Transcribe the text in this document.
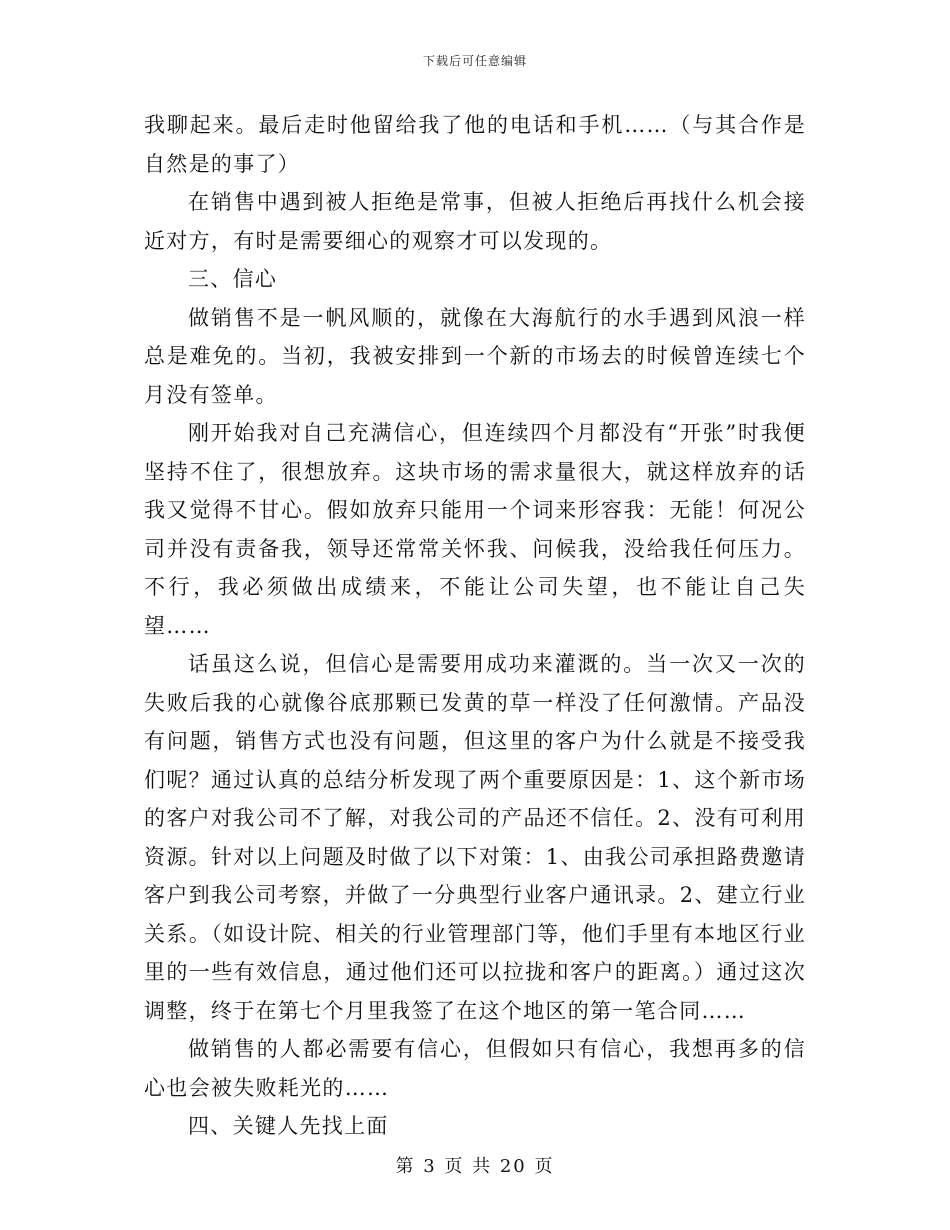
下载后可任意编辑

我聊起来。最后走时他留给我了他的电话和手机……（与其合作是自然是的事了）

在销售中遇到被人拒绝是常事，但被人拒绝后再找什么机会接近对方，有时是需要细心的观察才可以发现的。

三、信心

做销售不是一帆风顺的，就像在大海航行的水手遇到风浪一样总是难免的。当初，我被安排到一个新的市场去的时候曾连续七个月没有签单。

刚开始我对自己充满信心，但连续四个月都没有“开张”时我便坚持不住了，很想放弃。这块市场的需求量很大，就这样放弃的话我又觉得不甘心。假如放弃只能用一个词来形容我：无能！何况公司并没有责备我，领导还常常关怀我、问候我，没给我任何压力。不行，我必须做出成绩来，不能让公司失望，也不能让自己失望……

话虽这么说，但信心是需要用成功来灌溉的。当一次又一次的失败后我的心就像谷底那颗已发黄的草一样没了任何激情。产品没有问题，销售方式也没有问题，但这里的客户为什么就是不接受我们呢？通过认真的总结分析发现了两个重要原因是：1、这个新市场的客户对我公司不了解，对我公司的产品还不信任。2、没有可利用资源。针对以上问题及时做了以下对策：1、由我公司承担路费邀请客户到我公司考察，并做了一分典型行业客户通讯录。2、建立行业关系。（如设计院、相关的行业管理部门等，他们手里有本地区行业里的一些有效信息，通过他们还可以拉拢和客户的距离。）通过这次调整，终于在第七个月里我签了在这个地区的第一笔合同……

做销售的人都必需要有信心，但假如只有信心，我想再多的信心也会被失败耗光的……

四、关键人先找上面

第 3 页 共 20 页
